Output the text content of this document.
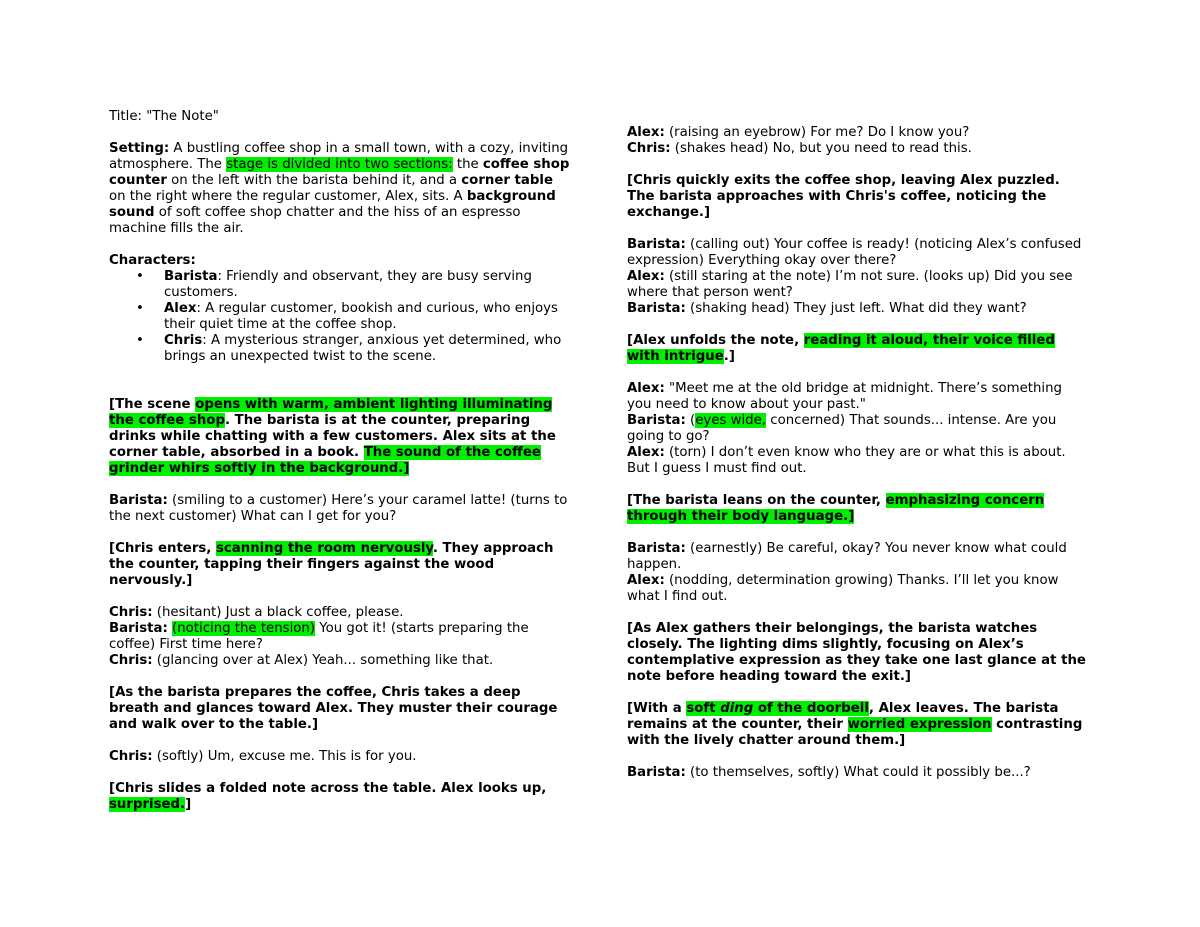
Title: "The Note"

Setting: A bustling coffee shop in a small town, with a cozy, inviting atmosphere. The stage is divided into two sections: the coffee shop counter on the left with the barista behind it, and a corner table on the right where the regular customer, Alex, sits. A background sound of soft coffee shop chatter and the hiss of an espresso machine fills the air.

Characters:

• Barista: Friendly and observant, they are busy serving customers.
• Alex: A regular customer, bookish and curious, who enjoys their quiet time at the coffee shop.
• Chris: A mysterious stranger, anxious yet determined, who brings an unexpected twist to the scene.

[The scene opens with warm, ambient lighting illuminating the coffee shop. The barista is at the counter, preparing drinks while chatting with a few customers. Alex sits at the corner table, absorbed in a book. The sound of the coffee grinder whirs softly in the background.]

Barista: (smiling to a customer) Here’s your caramel latte! (turns to the next customer) What can I get for you?

[Chris enters, scanning the room nervously. They approach the counter, tapping their fingers against the wood nervously.]

Chris: (hesitant) Just a black coffee, please.

Barista: (noticing the tension) You got it! (starts preparing the coffee) First time here?

Chris: (glancing over at Alex) Yeah... something like that.

[As the barista prepares the coffee, Chris takes a deep breath and glances toward Alex. They muster their courage and walk over to the table.]

Chris: (softly) Um, excuse me. This is for you.

[Chris slides a folded note across the table. Alex looks up, surprised.]

Alex: (raising an eyebrow) For me? Do I know you?

Chris: (shakes head) No, but you need to read this.

[Chris quickly exits the coffee shop, leaving Alex puzzled. The barista approaches with Chris's coffee, noticing the exchange.]

Barista: (calling out) Your coffee is ready! (noticing Alex’s confused expression) Everything okay over there?

Alex: (still staring at the note) I’m not sure. (looks up) Did you see where that person went?

Barista: (shaking head) They just left. What did they want?

[Alex unfolds the note, reading it aloud, their voice filled with intrigue.]

Alex: "Meet me at the old bridge at midnight. There’s something you need to know about your past."

Barista: (eyes wide, concerned) That sounds... intense. Are you going to go?

Alex: (torn) I don’t even know who they are or what this is about. But I guess I must find out.

[The barista leans on the counter, emphasizing concern through their body language.]

Barista: (earnestly) Be careful, okay? You never know what could happen.

Alex: (nodding, determination growing) Thanks. I’ll let you know what I find out.

[As Alex gathers their belongings, the barista watches closely. The lighting dims slightly, focusing on Alex’s contemplative expression as they take one last glance at the note before heading toward the exit.]

[With a soft ding of the doorbell, Alex leaves. The barista remains at the counter, their worried expression contrasting with the lively chatter around them.]

Barista: (to themselves, softly) What could it possibly be...?
